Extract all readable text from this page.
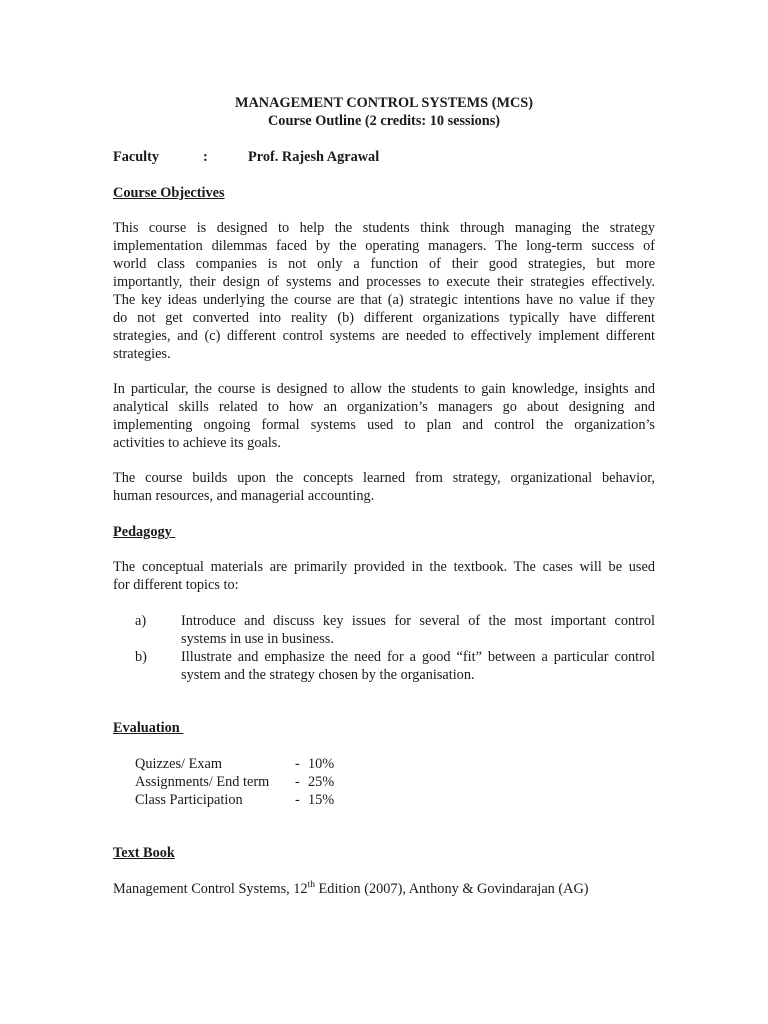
MANAGEMENT CONTROL SYSTEMS (MCS)
Course Outline (2 credits: 10 sessions)
Faculty	:	Prof. Rajesh Agrawal
Course Objectives
This course is designed to help the students think through managing the strategy
implementation dilemmas faced by the operating managers. The long-term success of
world class companies is not only a function of their good strategies, but more
importantly, their design of systems and processes to execute their strategies effectively.
The key ideas underlying the course are that (a) strategic intentions have no value if they
do not get converted into reality (b) different organizations typically have different
strategies, and (c) different control systems are needed to effectively implement different
strategies.
In particular, the course is designed to allow the students to gain knowledge, insights and
analytical skills related to how an organization’s managers go about designing and
implementing ongoing formal systems used to plan and control the organization’s
activities to achieve its goals.
The course builds upon the concepts learned from strategy, organizational behavior,
human resources, and managerial accounting.
Pedagogy
The conceptual materials are primarily provided in the textbook. The cases will be used
for different topics to:
a) Introduce and discuss key issues for several of the most important control
systems in use in business.
b) Illustrate and emphasize the need for a good “fit” between a particular control
system and the strategy chosen by the organisation.
Evaluation
Quizzes/ Exam	- 10%
Assignments/ End term - 25%
Class Participation	- 15%
Text Book
Management Control Systems, 12th Edition (2007), Anthony & Govindarajan (AG)
